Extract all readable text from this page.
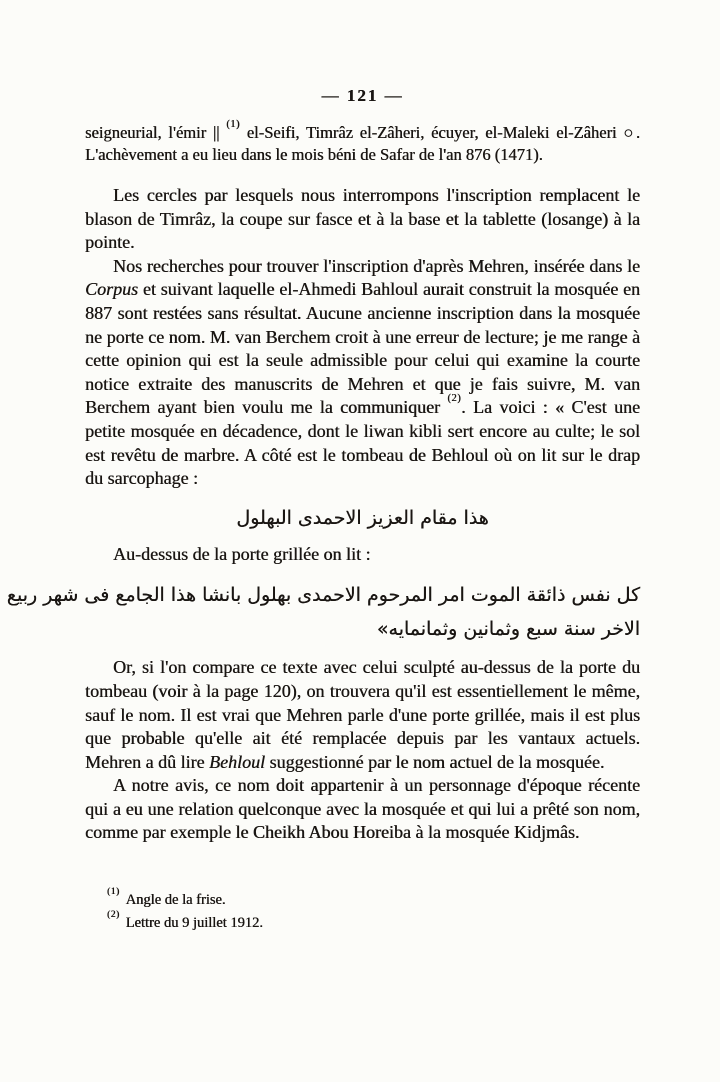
— 121 —

seigneurial, l'émir || $^{(1)}$ el-Seifi, Timrâz el-Zâheri, écuyer, el-Maleki el-Zâheri ○. L'achèvement a eu lieu dans le mois béni de Safar de l'an 876 (1471).

Les cercles par lesquels nous interrompons l'inscription remplacent le blason de Timrâz, la coupe sur fasce et à la base et la tablette (losange) à la pointe.

Nos recherches pour trouver l'inscription d'après Mehren, insérée dans le Corpus et suivant laquelle el-Ahmedi Bahloul aurait construit la mosquée en 887 sont restées sans résultat. Aucune ancienne inscription dans la mosquée ne porte ce nom. M. van Berchem croit à une erreur de lecture; je me range à cette opinion qui est la seule admissible pour celui qui examine la courte notice extraite des manuscrits de Mehren et que je fais suivre, M. van Berchem ayant bien voulu me la communiquer $^{(2)}$. La voici : « C'est une petite mosquée en décadence, dont le liwan kibli sert encore au culte; le sol est revêtu de marbre. A côté est le tombeau de Behloul où on lit sur le drap du sarcophage :

هذا مقام العزيز الاحمدى البهلول

Au-dessus de la porte grillée on lit :

كل نفس ذائقة الموت امر المرحوم الاحمدى بهلول بانشا هذا الجامع فى شهر ربيع
الاخر سنة سبع وثمانين وثمانمايه»

Or, si l'on compare ce texte avec celui sculpté au-dessus de la porte du tombeau (voir à la page 120), on trouvera qu'il est essentiellement le même, sauf le nom. Il est vrai que Mehren parle d'une porte grillée, mais il est plus que probable qu'elle ait été remplacée depuis par les vantaux actuels. Mehren a dû lire Behloul suggestionné par le nom actuel de la mosquée.

A notre avis, ce nom doit appartenir à un personnage d'époque récente qui a eu une relation quelconque avec la mosquée et qui lui a prêté son nom, comme par exemple le Cheikh Abou Horeiba à la mosquée Kidjmâs.

$^{(1)}$ Angle de la frise.
$^{(2)}$ Lettre du 9 juillet 1912.
